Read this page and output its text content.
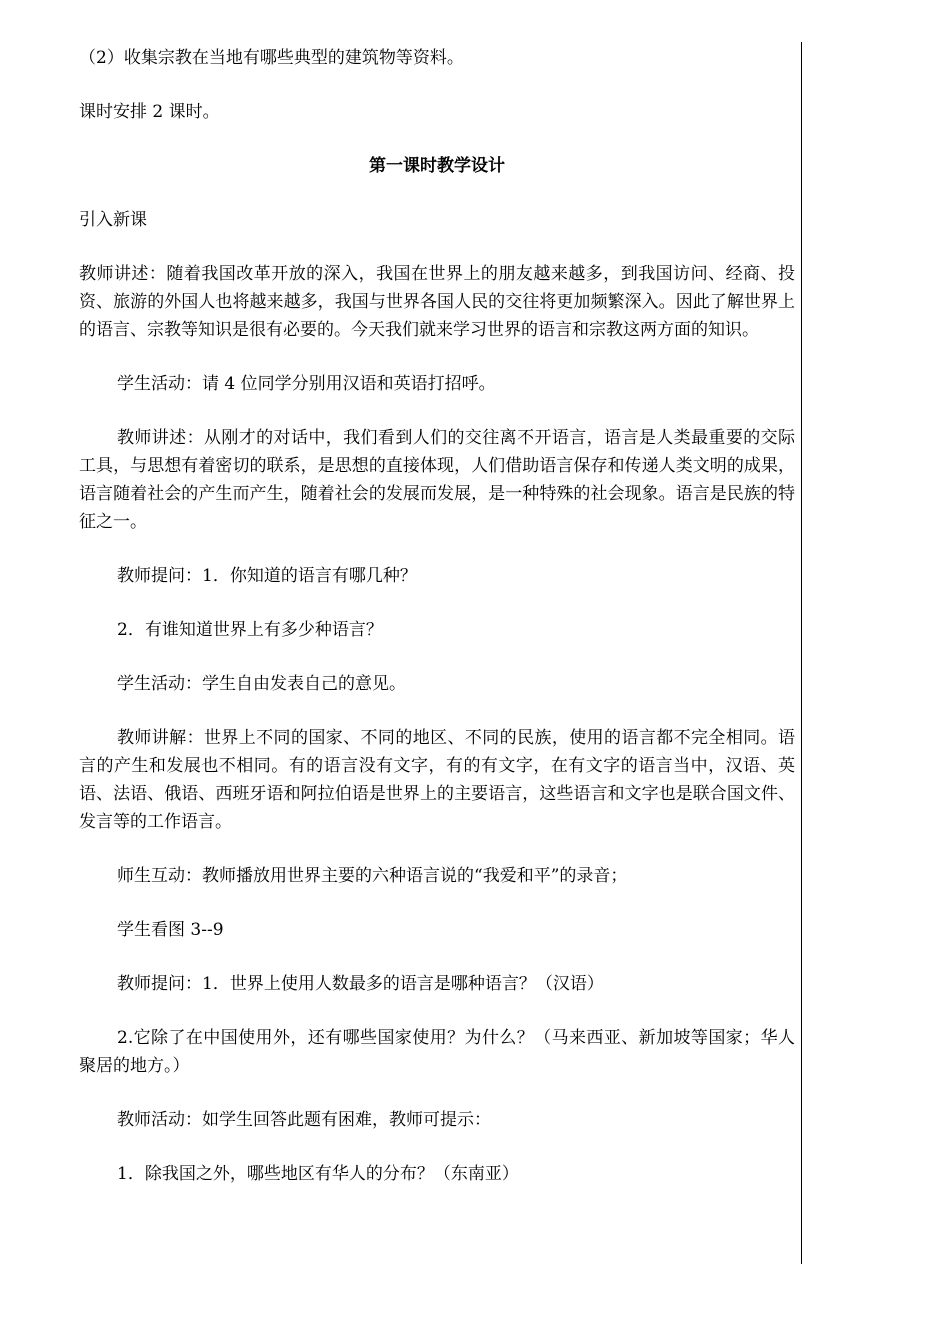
（2）收集宗教在当地有哪些典型的建筑物等资料。

课时安排 2 课时。

第一课时教学设计

引入新课

教师讲述：随着我国改革开放的深入，我国在世界上的朋友越来越多，到我国访问、经商、投资、旅游的外国人也将越来越多，我国与世界各国人民的交往将更加频繁深入。因此了解世界上的语言、宗教等知识是很有必要的。今天我们就来学习世界的语言和宗教这两方面的知识。

学生活动：请 4 位同学分别用汉语和英语打招呼。

教师讲述：从刚才的对话中，我们看到人们的交往离不开语言，语言是人类最重要的交际工具，与思想有着密切的联系，是思想的直接体现，人们借助语言保存和传递人类文明的成果，语言随着社会的产生而产生，随着社会的发展而发展，是一种特殊的社会现象。语言是民族的特征之一。

教师提问：1．你知道的语言有哪几种？

2．有谁知道世界上有多少种语言？

学生活动：学生自由发表自己的意见。

教师讲解：世界上不同的国家、不同的地区、不同的民族，使用的语言都不完全相同。语言的产生和发展也不相同。有的语言没有文字，有的有文字，在有文字的语言当中，汉语、英语、法语、俄语、西班牙语和阿拉伯语是世界上的主要语言，这些语言和文字也是联合国文件、发言等的工作语言。

师生互动：教师播放用世界主要的六种语言说的“我爱和平”的录音；

学生看图 3--9

教师提问：1．世界上使用人数最多的语言是哪种语言？（汉语）

2.它除了在中国使用外，还有哪些国家使用？为什么？（马来西亚、新加坡等国家；华人聚居的地方。）

教师活动：如学生回答此题有困难，教师可提示：

1．除我国之外，哪些地区有华人的分布？（东南亚）
